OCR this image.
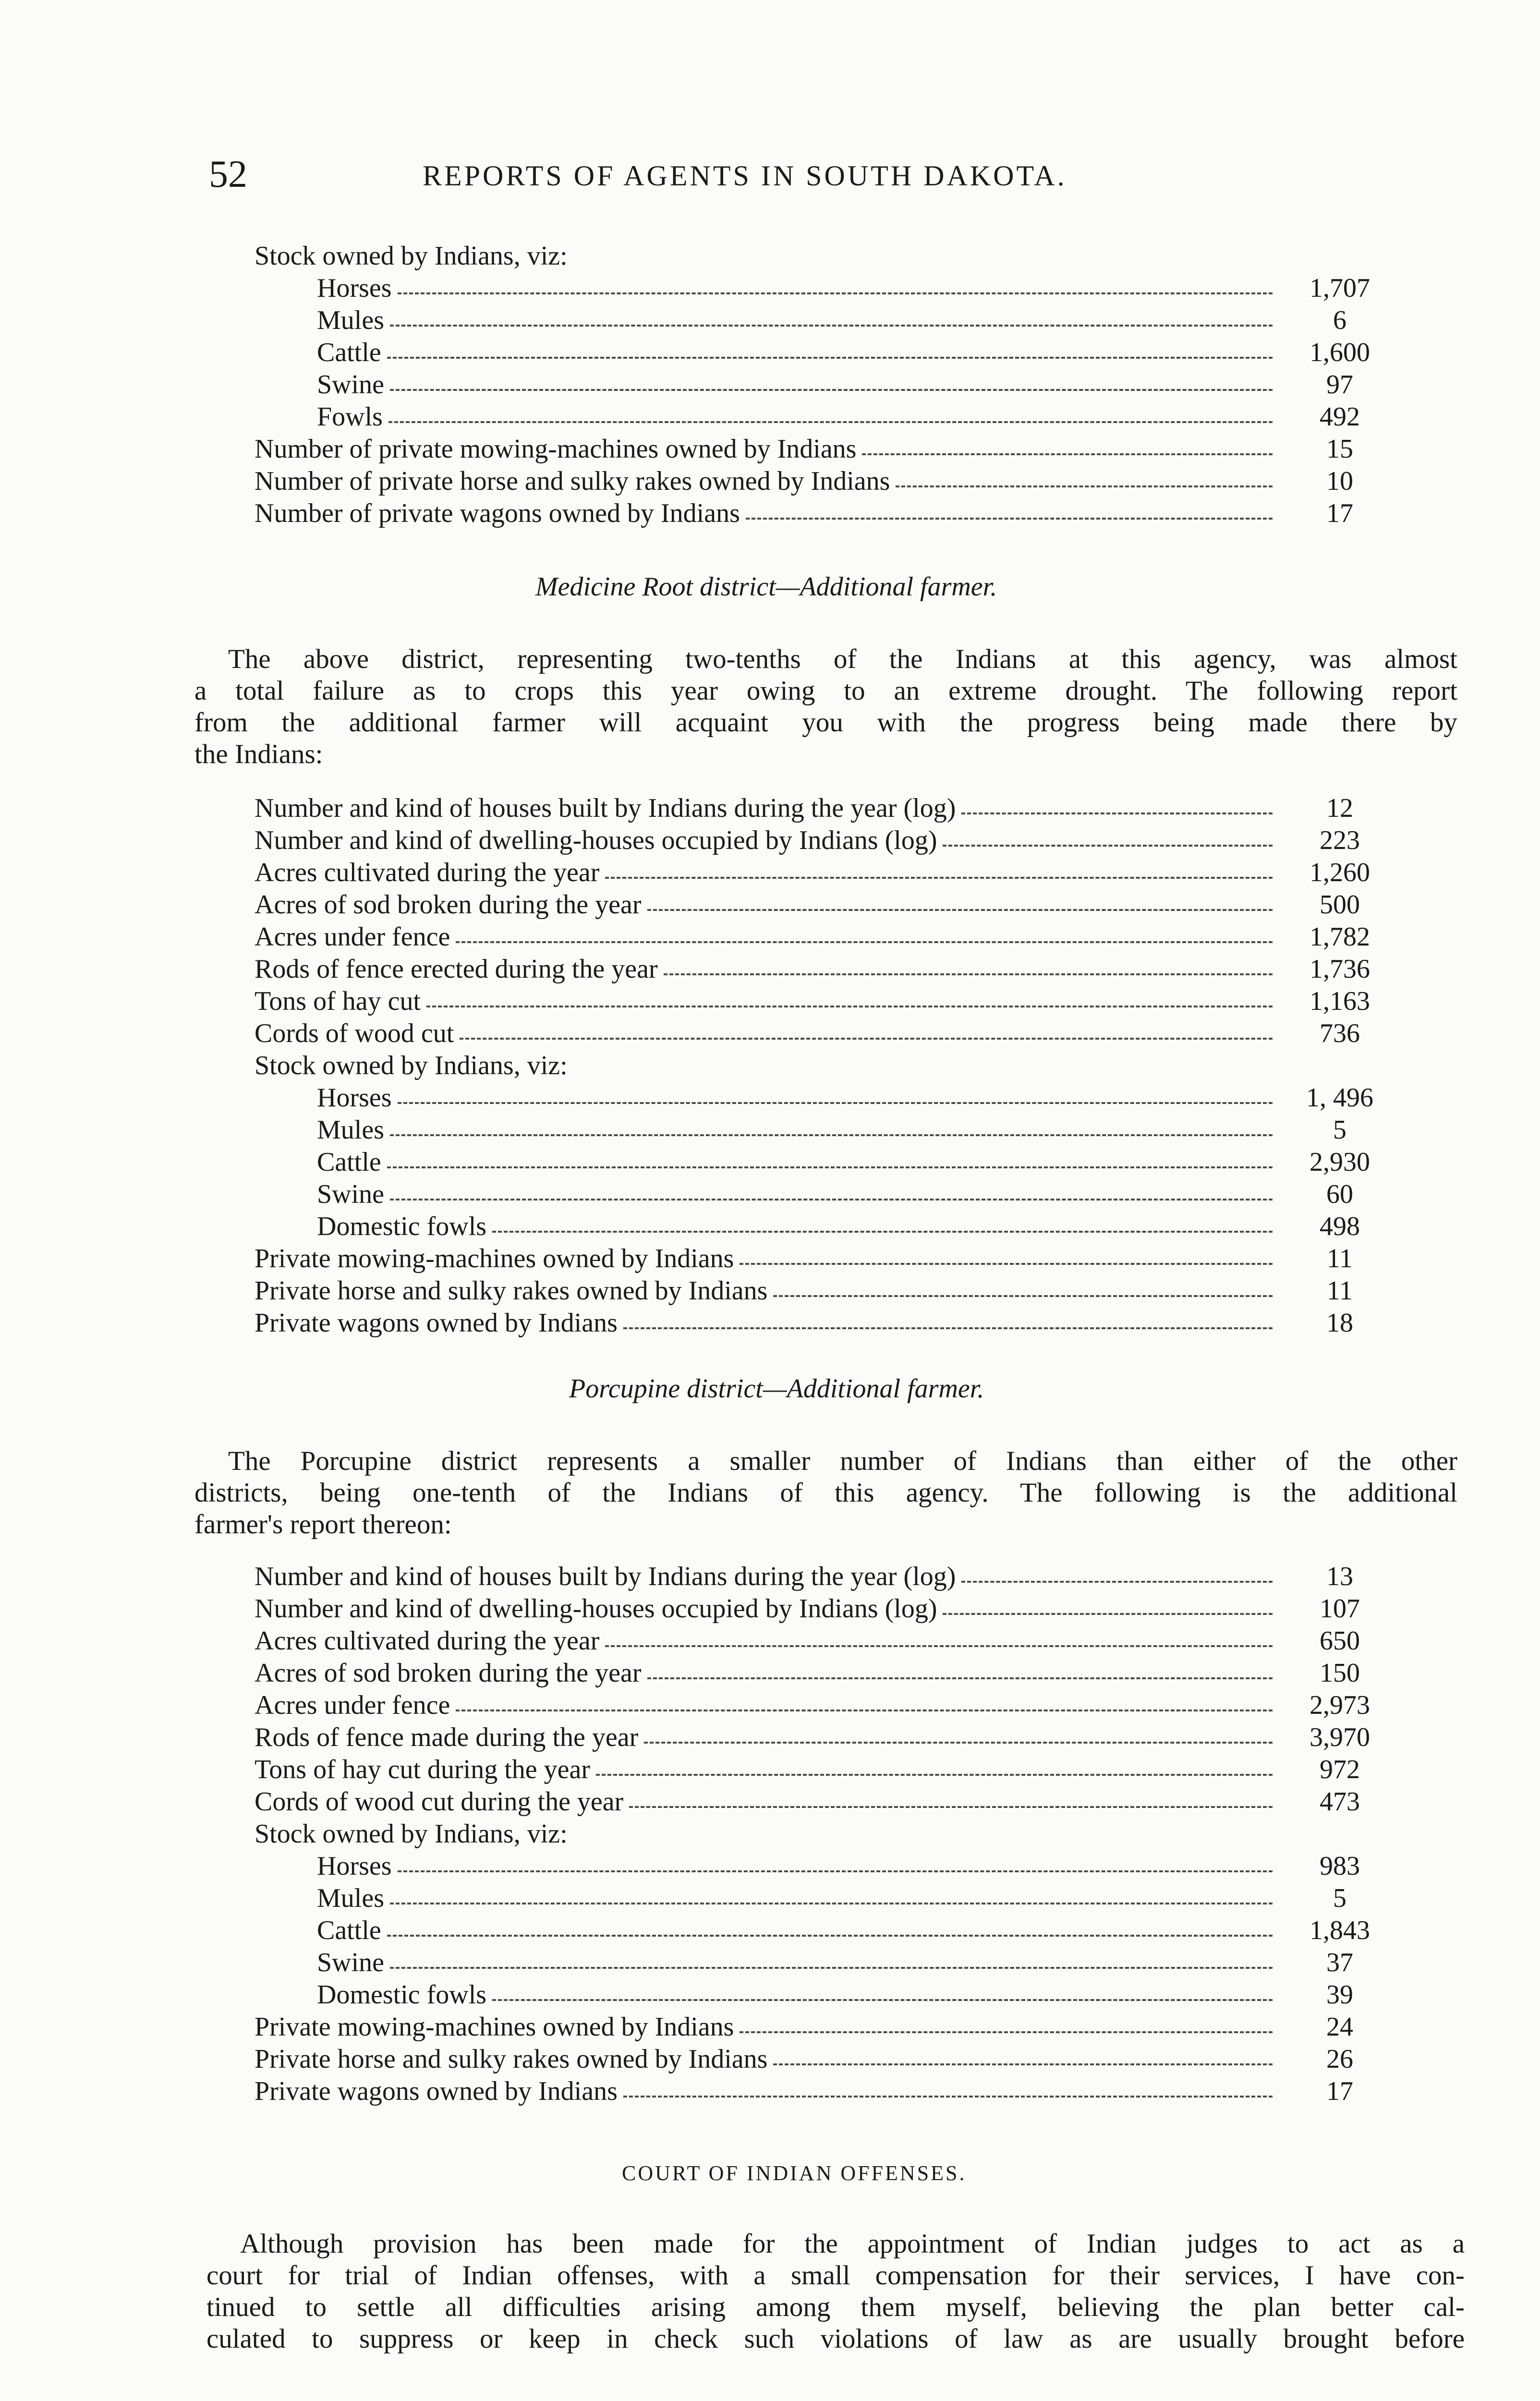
52	REPORTS OF AGENTS IN SOUTH DAKOTA.
Stock owned by Indians, viz:
Horses	1,707
Mules	6
Cattle	1,600
Swine	97
Fowls	492
Number of private mowing-machines owned by Indians	15
Number of private horse and sulky rakes owned by Indians	10
Number of private wagons owned by Indians	17
Medicine Root district—Additional farmer.
The above district, representing two-tenths of the Indians at this agency, was almost
a total failure as to crops this year owing to an extreme drought. The following report
from the additional farmer will acquaint you with the progress being made there by
the Indians:
Number and kind of houses built by Indians during the year (log)	12
Number and kind of dwelling-houses occupied by Indians (log)	223
Acres cultivated during the year	1,260
Acres of sod broken during the year	500
Acres under fence	1,782
Rods of fence erected during the year	1,736
Tons of hay cut	1,163
Cords of wood cut	736
Stock owned by Indians, viz:
Horses	1, 496
Mules	5
Cattle	2,930
Swine	60
Domestic fowls	498
Private mowing-machines owned by Indians	11
Private horse and sulky rakes owned by Indians	11
Private wagons owned by Indians	18
Porcupine district—Additional farmer.
The Porcupine district represents a smaller number of Indians than either of the other
districts, being one-tenth of the Indians of this agency. The following is the additional
farmer's report thereon:
Number and kind of houses built by Indians during the year (log)	13
Number and kind of dwelling-houses occupied by Indians (log)	107
Acres cultivated during the year	650
Acres of sod broken during the year	150
Acres under fence	2,973
Rods of fence made during the year	3,970
Tons of hay cut during the year	972
Cords of wood cut during the year	473
Stock owned by Indians, viz:
Horses	983
Mules	5
Cattle	1,843
Swine	37
Domestic fowls	39
Private mowing-machines owned by Indians	24
Private horse and sulky rakes owned by Indians	26
Private wagons owned by Indians	17
COURT OF INDIAN OFFENSES.
Although provision has been made for the appointment of Indian judges to act as a
court for trial of Indian offenses, with a small compensation for their services, I have con-
tinued to settle all difficulties arising among them myself, believing the plan better cal-
culated to suppress or keep in check such violations of law as are usually brought before
